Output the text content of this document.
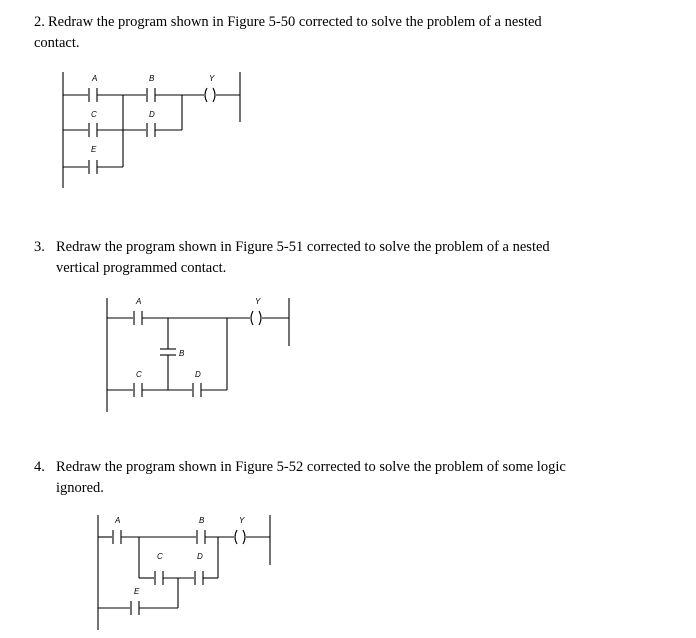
2. Redraw the program shown in Figure 5-50 corrected to solve the problem of a nested
contact.
3. Redraw the program shown in Figure 5-51 corrected to solve the problem of a nested
vertical programmed contact.
4. Redraw the program shown in Figure 5-52 corrected to solve the problem of some logic
ignored.
A	B	Y
C	D
E
A	Y
B
C	D
A	B	Y
C	D
E
